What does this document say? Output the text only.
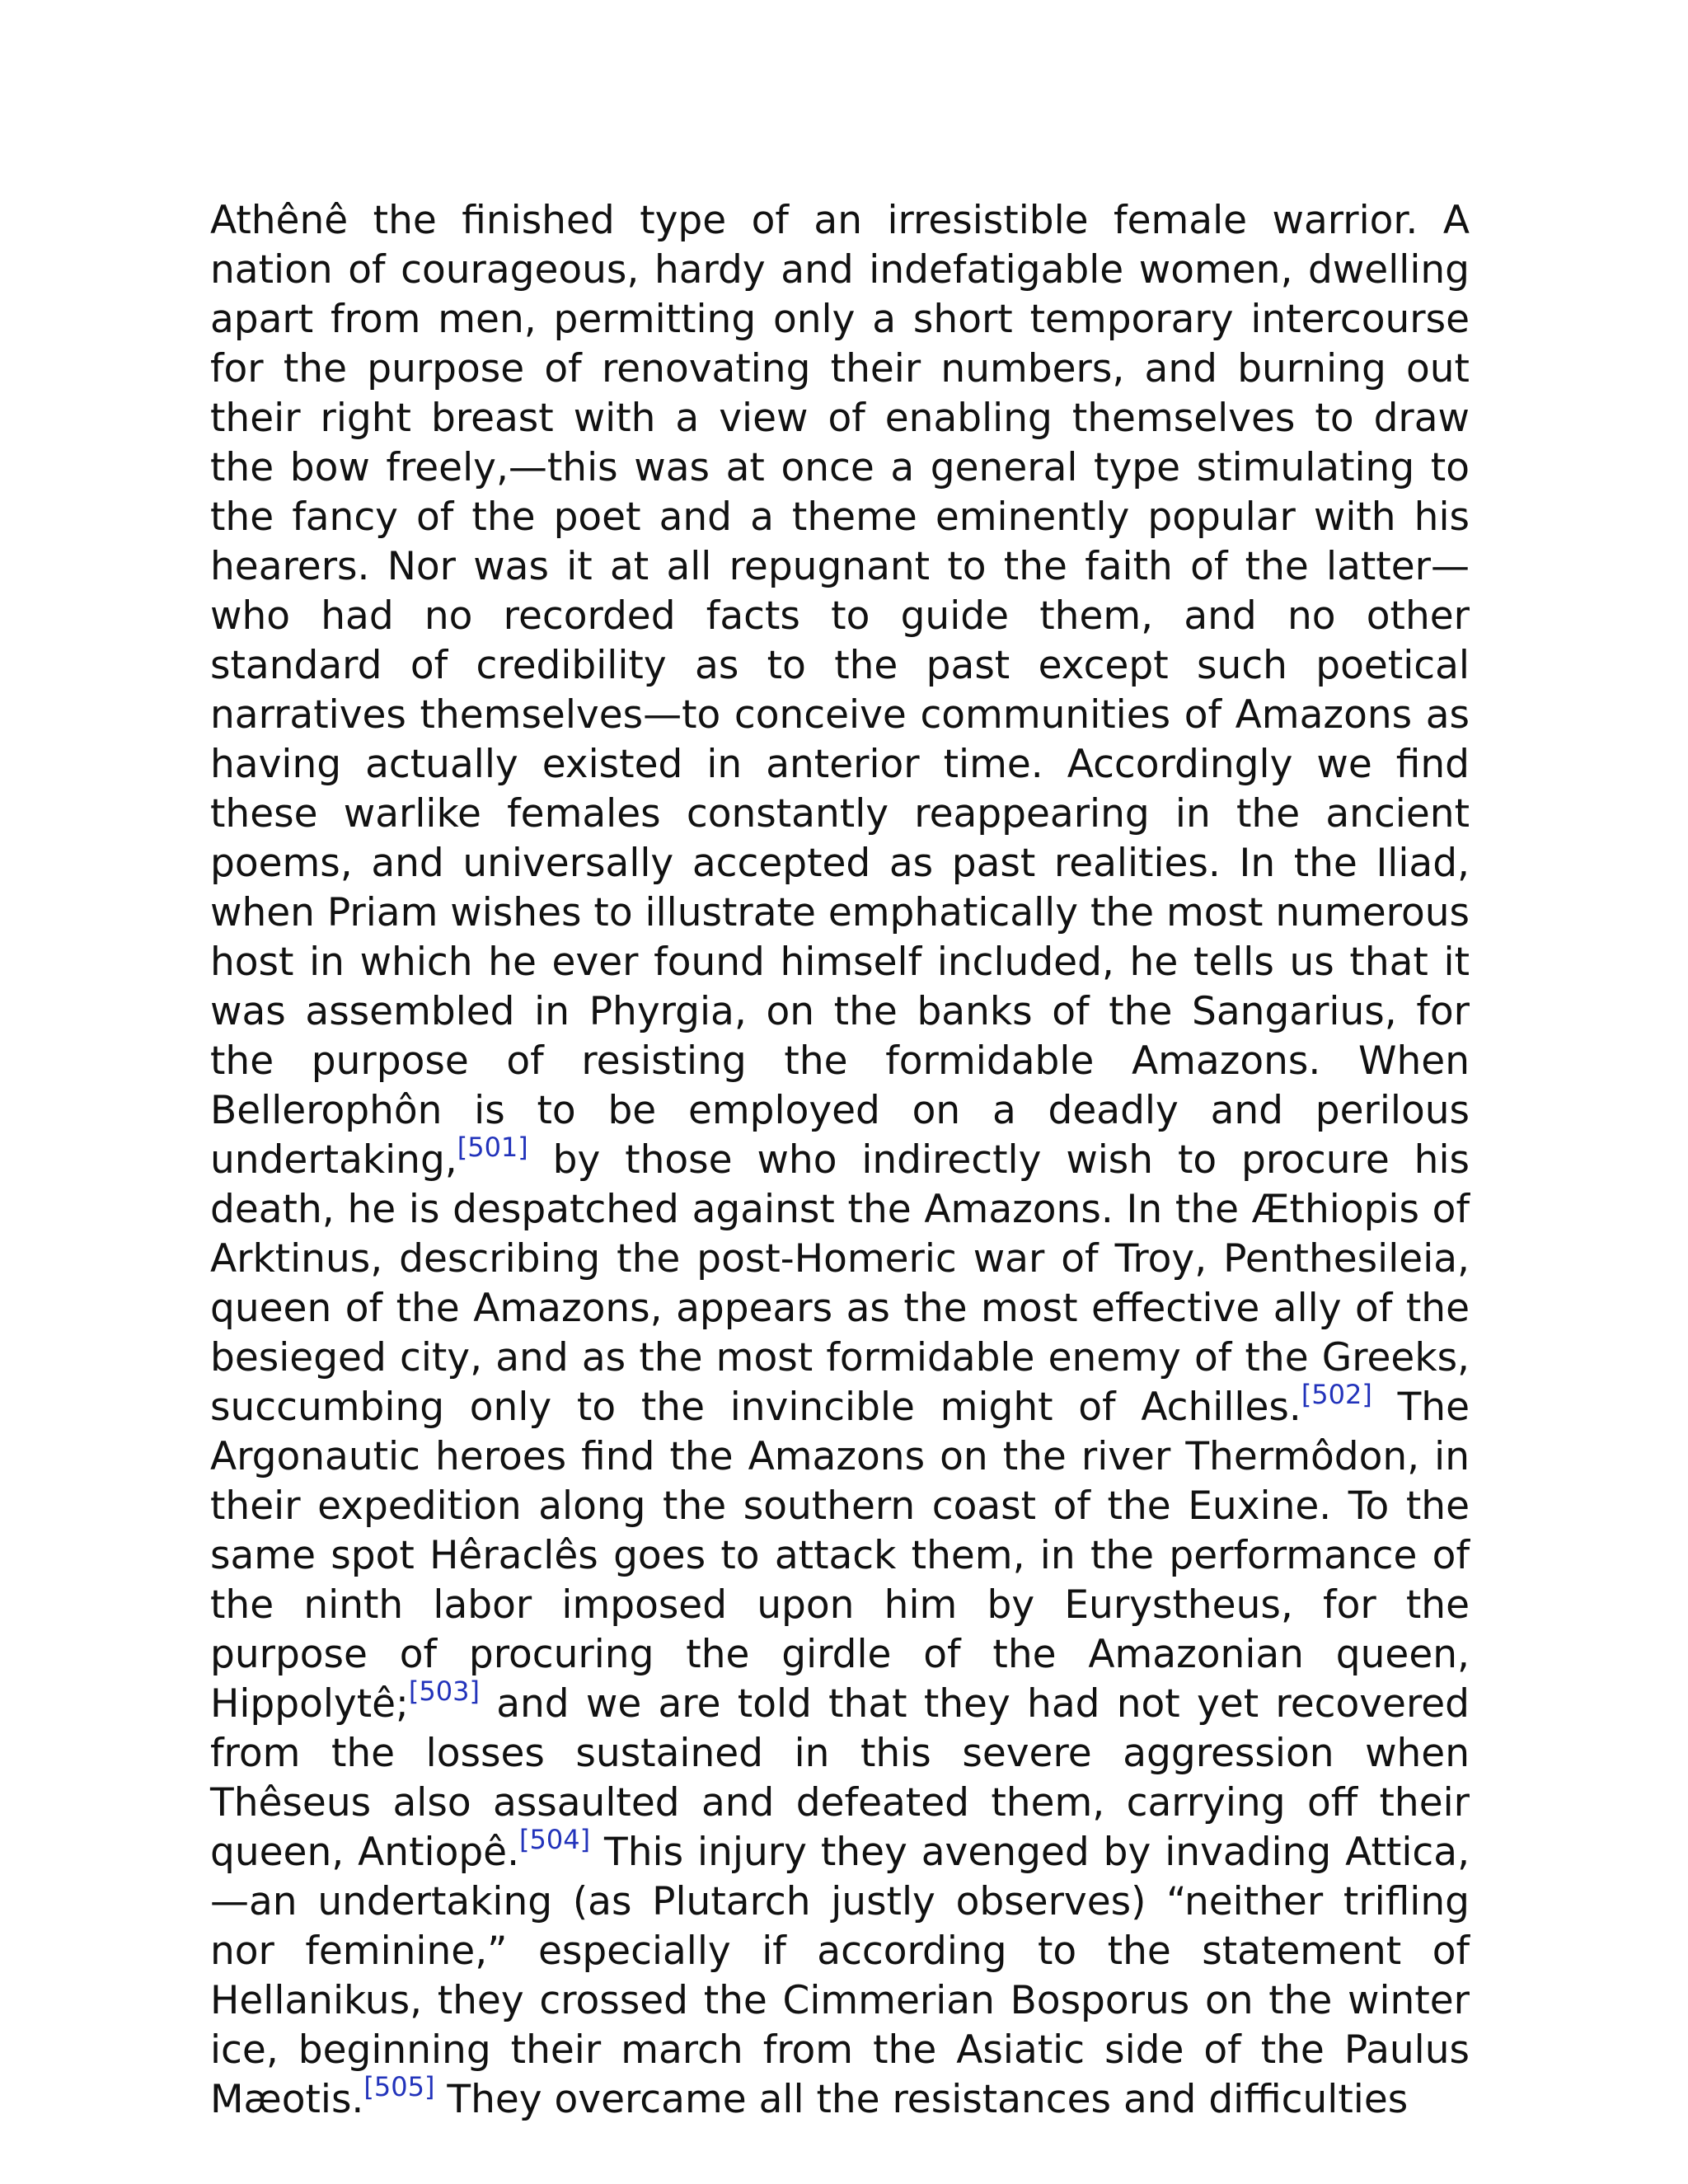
Athênê the finished type of an irresistible female warrior. A nation of courageous, hardy and indefatigable women, dwelling apart from men, permitting only a short temporary intercourse for the purpose of renovating their numbers, and burning out their right breast with a view of enabling themselves to draw the bow freely,—this was at once a general type stimulating to the fancy of the poet and a theme eminently popular with his hearers. Nor was it at all repugnant to the faith of the latter—who had no recorded facts to guide them, and no other standard of credibility as to the past except such poetical narratives themselves—to conceive communities of Amazons as having actually existed in anterior time. Accordingly we find these warlike females constantly reappearing in the ancient poems, and universally accepted as past realities. In the Iliad, when Priam wishes to illustrate emphatically the most numerous host in which he ever found himself included, he tells us that it was assembled in Phyrgia, on the banks of the Sangarius, for the purpose of resisting the formidable Amazons. When Bellerophôn is to be employed on a deadly and perilous undertaking,[501] by those who indirectly wish to procure his death, he is despatched against the Amazons. In the Æthiopis of Arktinus, describing the post-Homeric war of Troy, Penthesileia, queen of the Amazons, appears as the most effective ally of the besieged city, and as the most formidable enemy of the Greeks, succumbing only to the invincible might of Achilles.[502] The Argonautic heroes find the Amazons on the river Thermôdon, in their expedition along the southern coast of the Euxine. To the same spot Hêraclês goes to attack them, in the performance of the ninth labor imposed upon him by Eurystheus, for the purpose of procuring the girdle of the Amazonian queen, Hippolytê;[503] and we are told that they had not yet recovered from the losses sustained in this severe aggression when Thêseus also assaulted and defeated them, carrying off their queen, Antiopê.[504] This injury they avenged by invading Attica,—an undertaking (as Plutarch justly observes) “neither trifling nor feminine,” especially if according to the statement of Hellanikus, they crossed the Cimmerian Bosporus on the winter ice, beginning their march from the Asiatic side of the Paulus Mæotis.[505] They overcame all the resistances and difficulties
